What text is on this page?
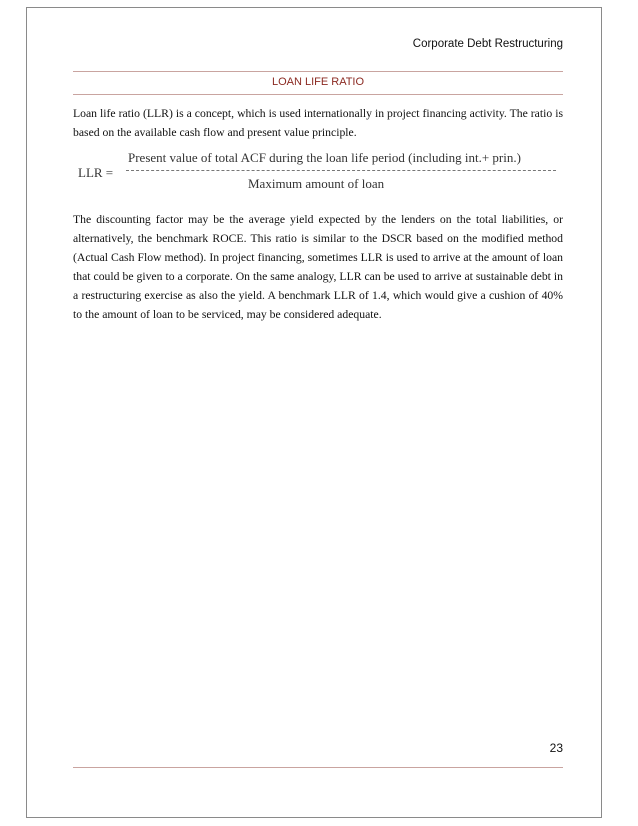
Corporate Debt Restructuring
LOAN LIFE RATIO

Loan life ratio (LLR) is a concept, which is used internationally in project financing activity. The ratio is based on the available cash flow and present value principle.

Present value of total ACF during the loan life period (including int.+ prin.)
LLR =
Maximum amount of loan

The discounting factor may be the average yield expected by the lenders on the total liabilities, or alternatively, the benchmark ROCE. This ratio is similar to the DSCR based on the modified method (Actual Cash Flow method). In project financing, sometimes LLR is used to arrive at the amount of loan that could be given to a corporate. On the same analogy, LLR can be used to arrive at sustainable debt in a restructuring exercise as also the yield. A benchmark LLR of 1.4, which would give a cushion of 40% to the amount of loan to be serviced, may be considered adequate.

23
